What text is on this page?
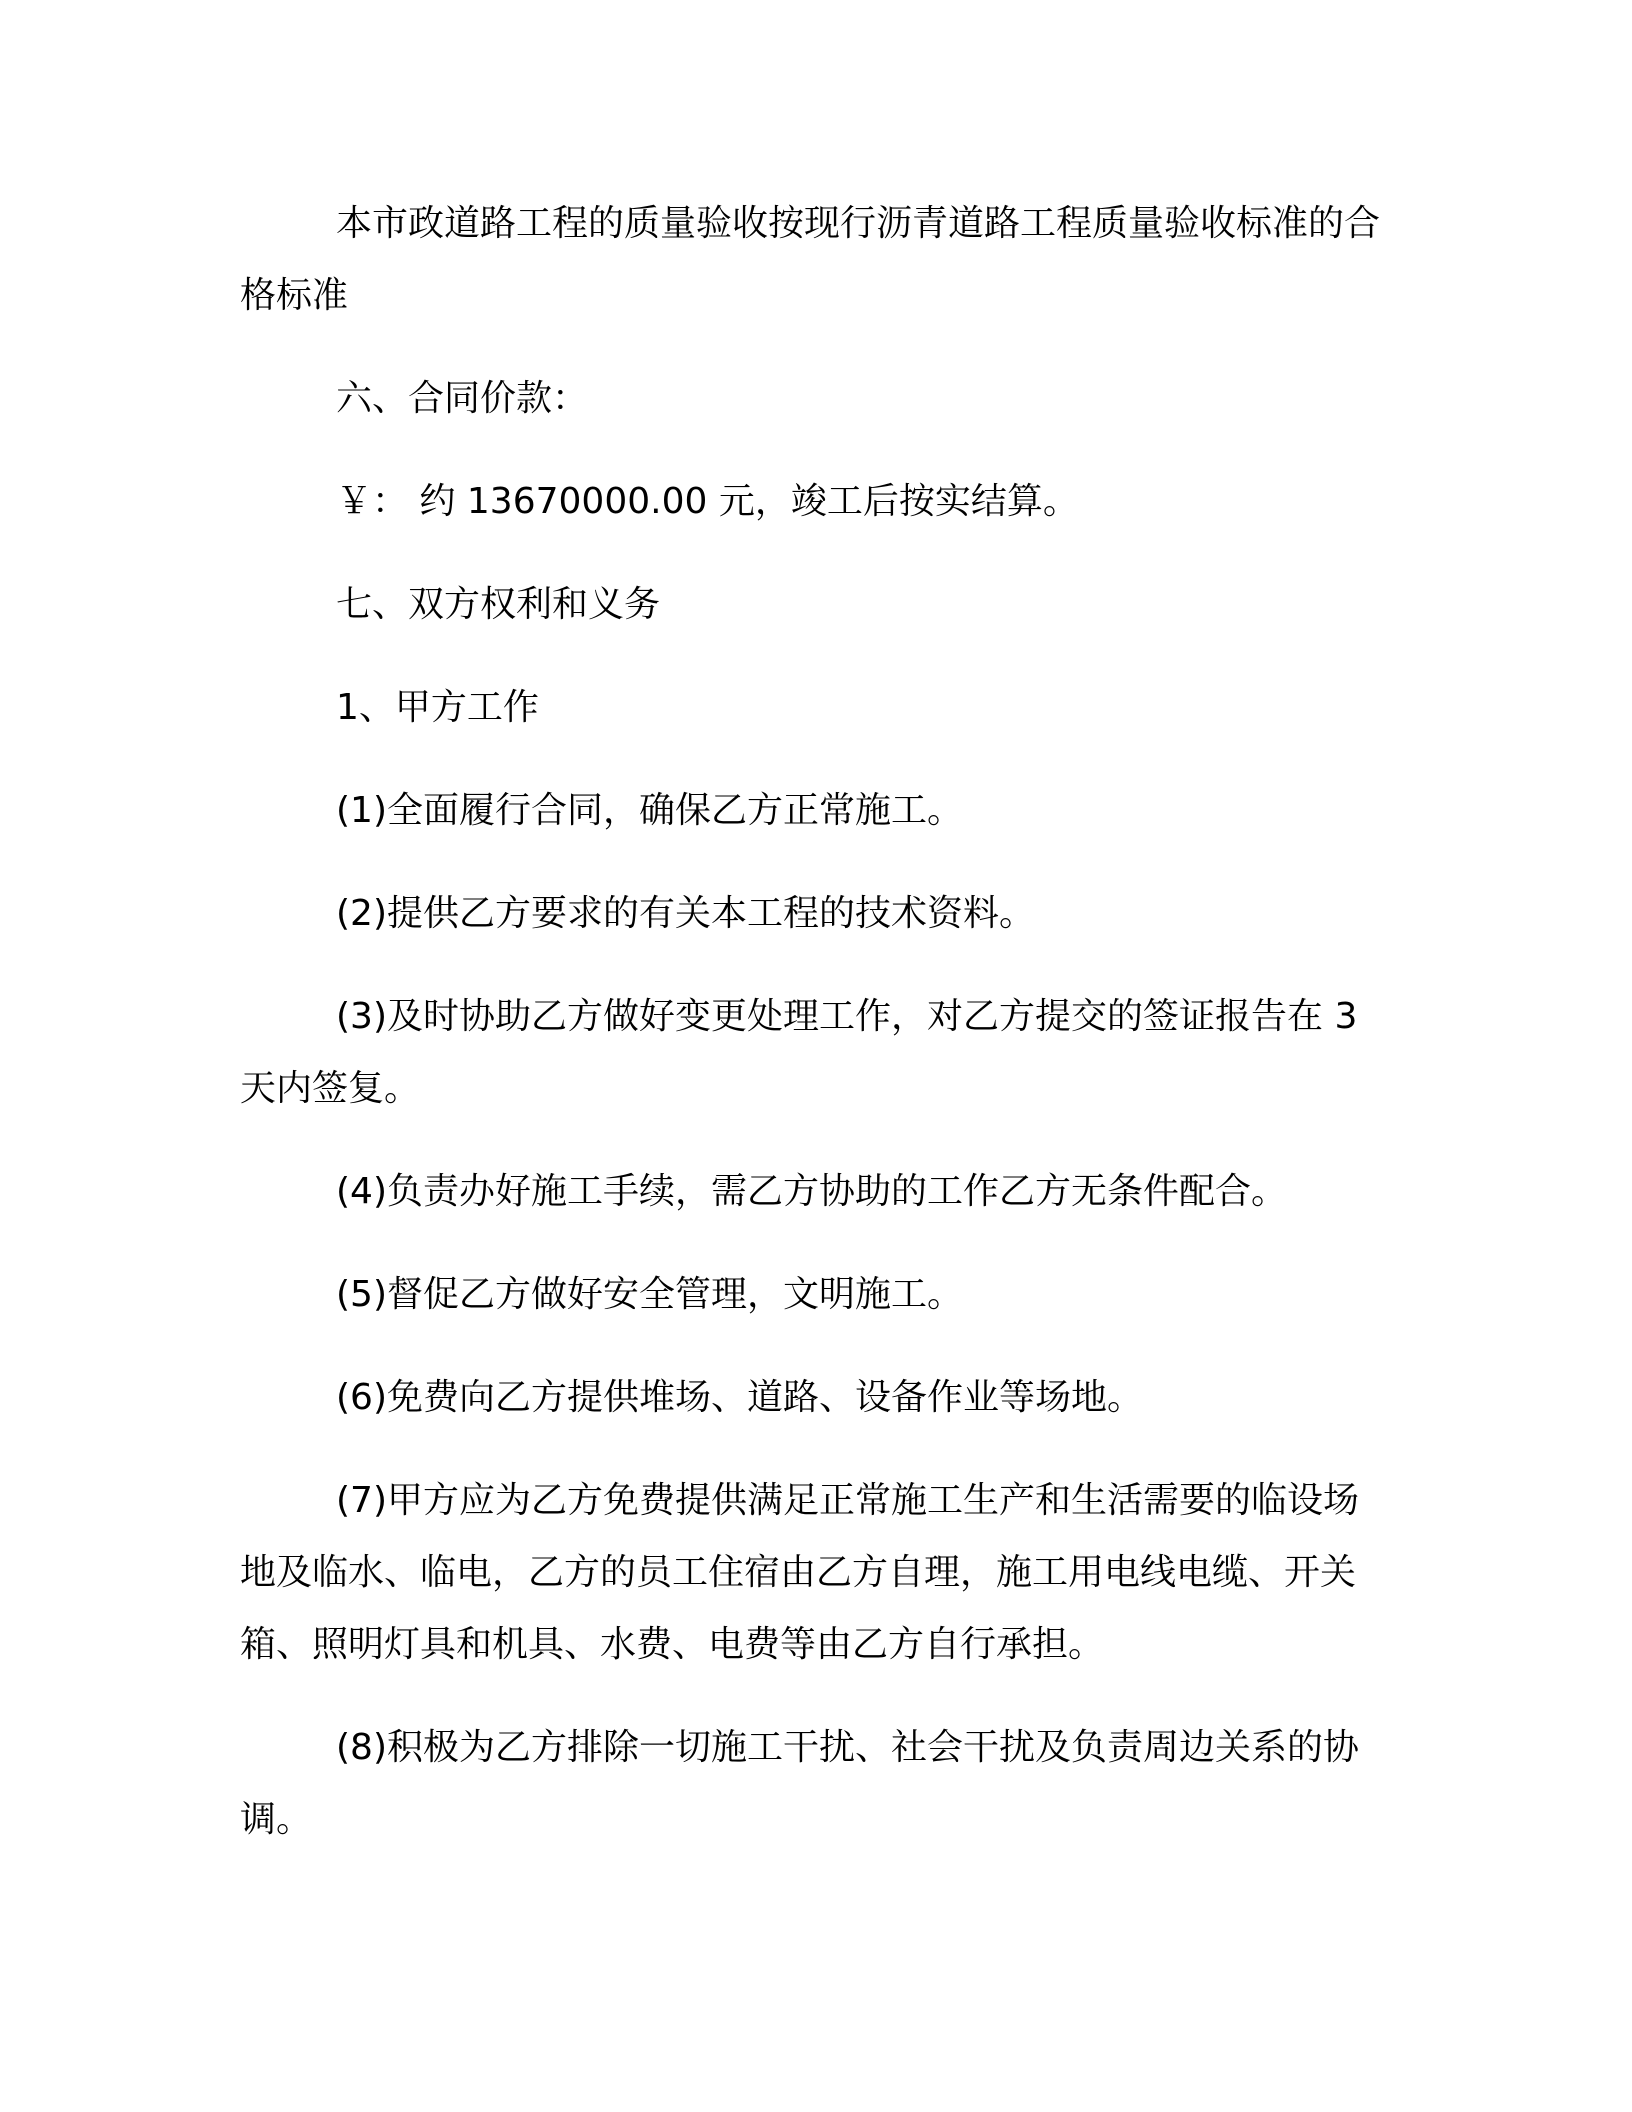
本市政道路工程的质量验收按现行沥青道路工程质量验收标准的合格标准

六、合同价款：

￥： 约 13670000.00 元，竣工后按实结算。

七、双方权利和义务

1、甲方工作

(1)全面履行合同，确保乙方正常施工。

(2)提供乙方要求的有关本工程的技术资料。

(3)及时协助乙方做好变更处理工作，对乙方提交的签证报告在 3 天内签复。

(4)负责办好施工手续，需乙方协助的工作乙方无条件配合。

(5)督促乙方做好安全管理，文明施工。

(6)免费向乙方提供堆场、道路、设备作业等场地。

(7)甲方应为乙方免费提供满足正常施工生产和生活需要的临设场地及临水、临电，乙方的员工住宿由乙方自理，施工用电线电缆、开关箱、照明灯具和机具、水费、电费等由乙方自行承担。

(8)积极为乙方排除一切施工干扰、社会干扰及负责周边关系的协调。
